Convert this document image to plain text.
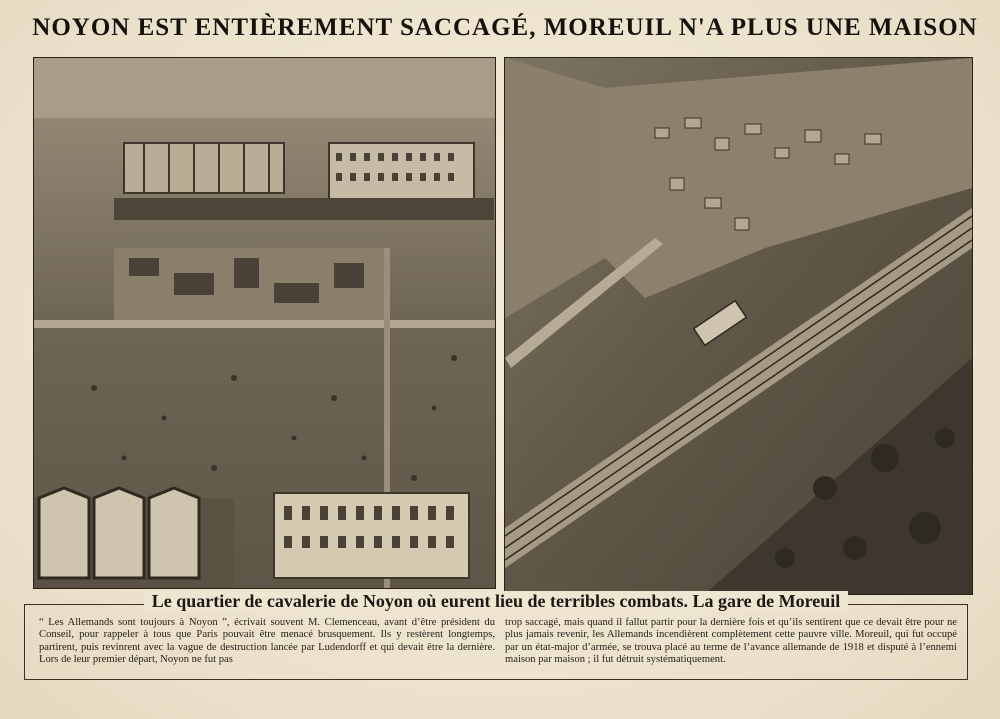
NOYON EST ENTIÈREMENT SACCAGÉ, MOREUIL N'A PLUS UNE MAISON
Le quartier de cavalerie de Noyon où eurent lieu de terribles combats. La gare de Moreuil
“ Les Allemands sont toujours à Noyon ”, écrivait souvent M. Clemenceau, avant d’être président du Conseil, pour rappeler à tous que Paris pouvait être menacé brusquement. Ils y restèrent longtemps, partirent, puis revinrent avec la vague de destruction lancée par Ludendorff et qui devait être la dernière. Lors de leur premier départ, Noyon ne fut pas
trop saccagé, mais quand il fallut partir pour la dernière fois et qu’ils sentirent que ce devait être pour ne plus jamais revenir, les Allemands incendièrent complètement cette pauvre ville. Moreuil, qui fut occupé par un état-major d’armée, se trouva placé au terme de l’avance allemande de 1918 et disputé à l’ennemi maison par maison ; il fut détruit systématiquement.
